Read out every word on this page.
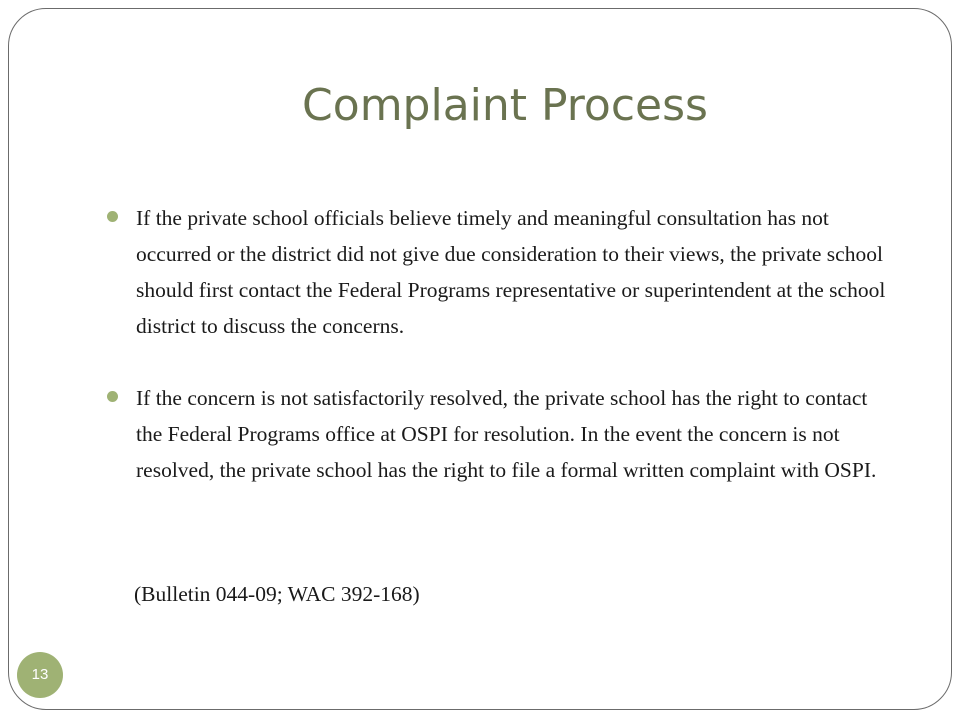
Complaint Process
If the private school officials believe timely and meaningful consultation has not occurred or the district did not give due consideration to their views, the private school should first contact the Federal Programs representative or superintendent at the school district to discuss the concerns.
If the concern is not satisfactorily resolved, the private school has the right to contact the Federal Programs office at OSPI for resolution. In the event the concern is not resolved, the private school has the right to file a formal written complaint with OSPI.
(Bulletin 044-09; WAC 392-168)
13
